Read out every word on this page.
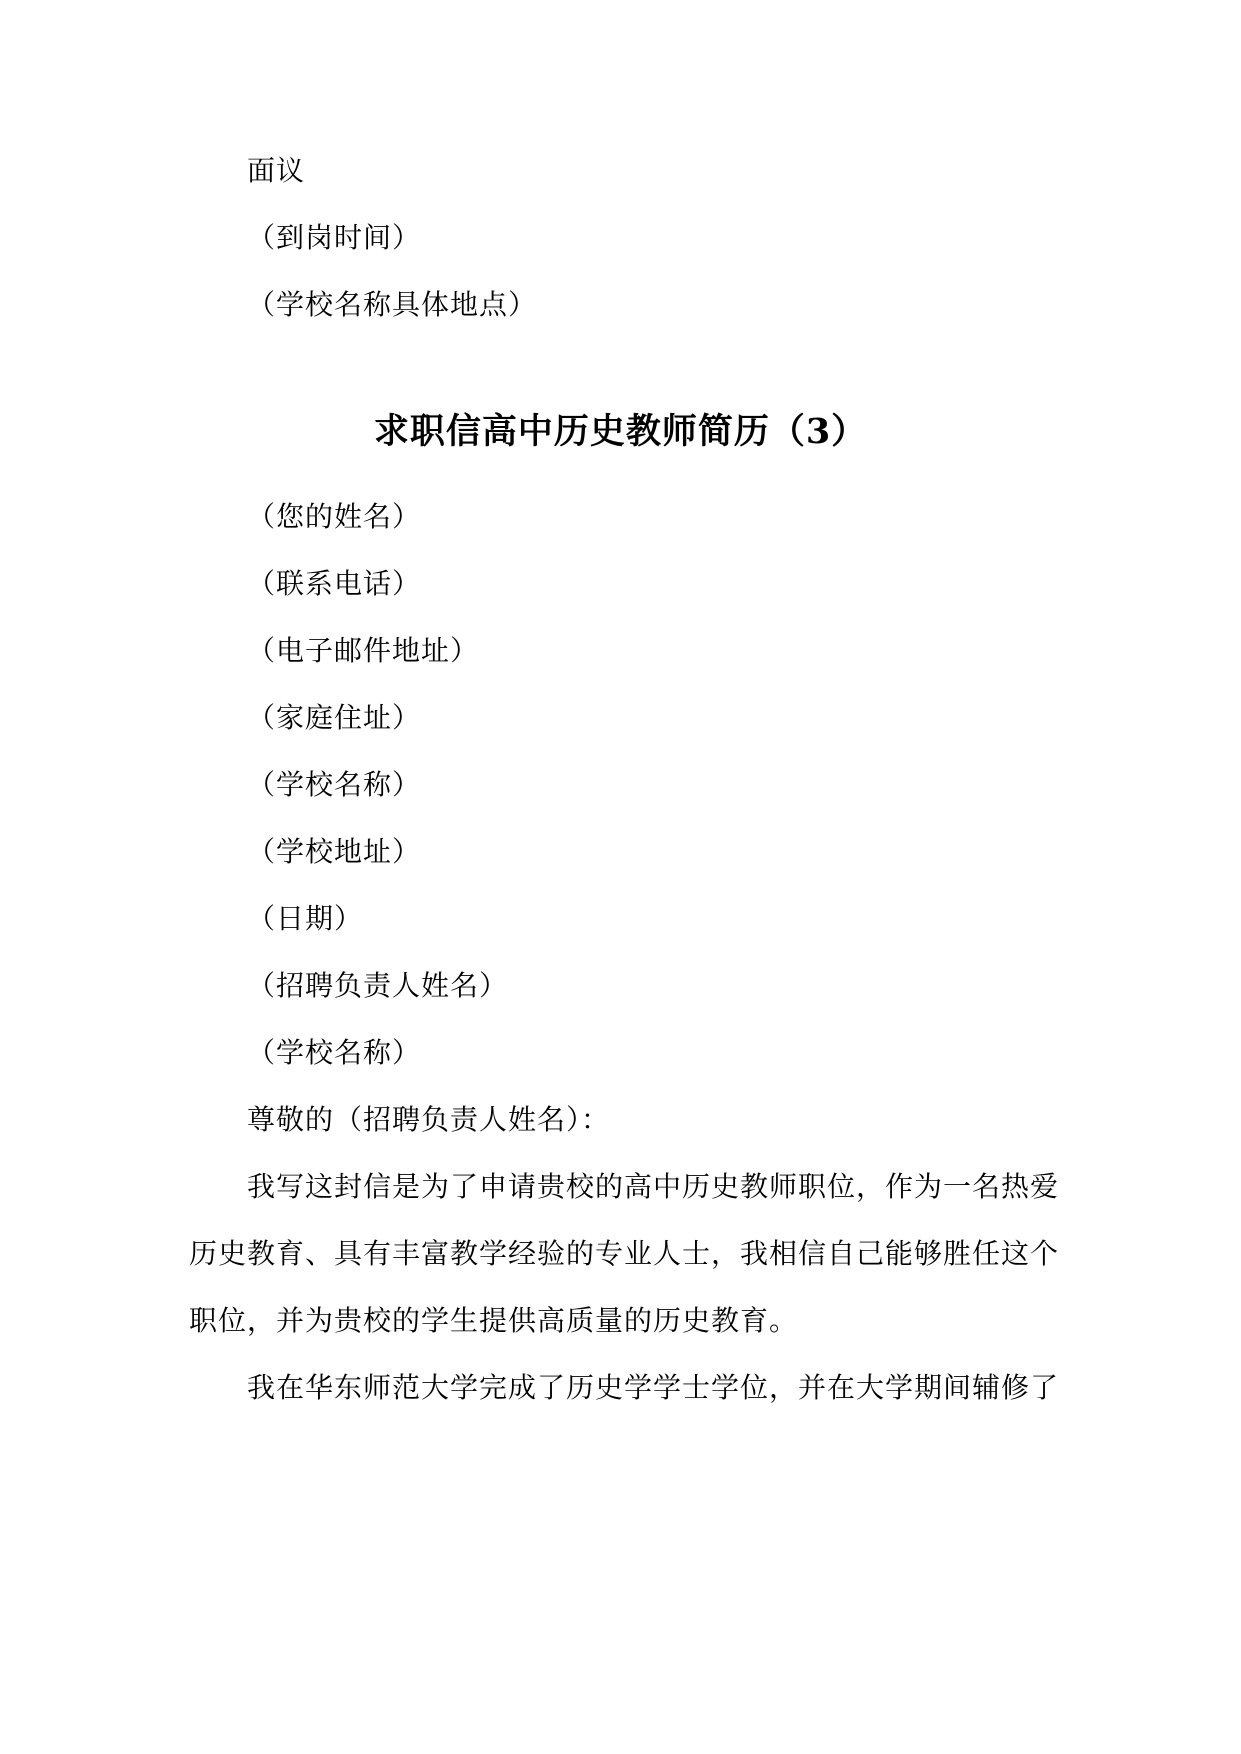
面议
（到岗时间）
（学校名称具体地点）
求职信高中历史教师简历（3）
（您的姓名）
（联系电话）
（电子邮件地址）
（家庭住址）
（学校名称）
（学校地址）
（日期）
（招聘负责人姓名）
（学校名称）
尊敬的（招聘负责人姓名）：
我写这封信是为了申请贵校的高中历史教师职位，作为一名热爱
历史教育、具有丰富教学经验的专业人士，我相信自己能够胜任这个
职位，并为贵校的学生提供高质量的历史教育。
我在华东师范大学完成了历史学学士学位，并在大学期间辅修了
